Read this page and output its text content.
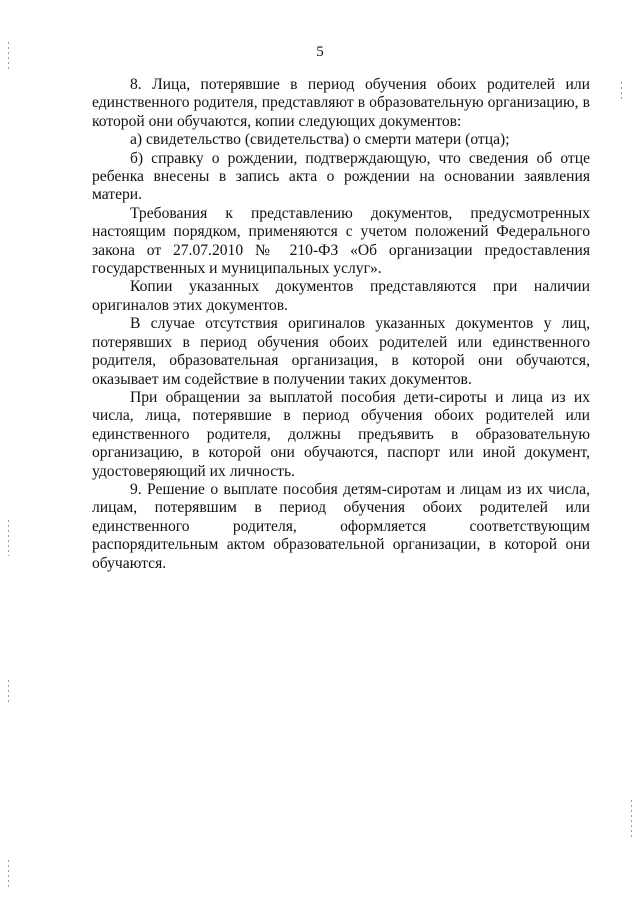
5

8. Лица, потерявшие в период обучения обоих родителей или единственного родителя, представляют в образовательную организацию, в которой они обучаются, копии следующих документов:

а) свидетельство (свидетельства) о смерти матери (отца);

б) справку о рождении, подтверждающую, что сведения об отце ребенка внесены в запись акта о рождении на основании заявления матери.

Требования к представлению документов, предусмотренных настоящим порядком, применяются с учетом положений Федерального закона от 27.07.2010 № 210-ФЗ «Об организации предоставления государственных и муниципальных услуг».

Копии указанных документов представляются при наличии оригиналов этих документов.

В случае отсутствия оригиналов указанных документов у лиц, потерявших в период обучения обоих родителей или единственного родителя, образовательная организация, в которой они обучаются, оказывает им содействие в получении таких документов.

При обращении за выплатой пособия дети-сироты и лица из их числа, лица, потерявшие в период обучения обоих родителей или единственного родителя, должны предъявить в образовательную организацию, в которой они обучаются, паспорт или иной документ, удостоверяющий их личность.

9. Решение о выплате пособия детям-сиротам и лицам из их числа, лицам, потерявшим в период обучения обоих родителей или единственного родителя, оформляется соответствующим распорядительным актом образовательной организации, в которой они обучаются.
